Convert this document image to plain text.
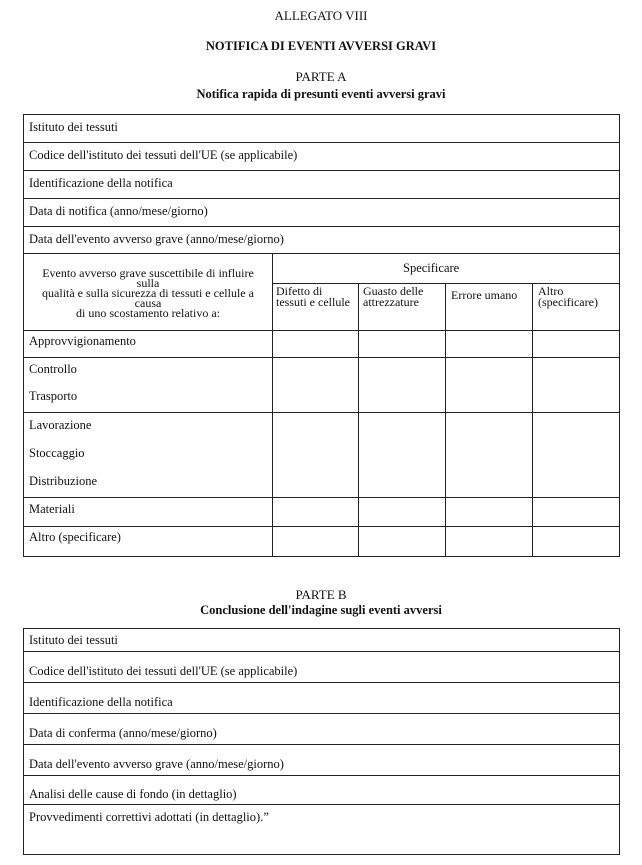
ALLEGATO VIII
NOTIFICA DI EVENTI AVVERSI GRAVI
PARTE A
Notifica rapida di presunti eventi avversi gravi
Istituto dei tessuti
Codice dell'istituto dei tessuti dell'UE (se applicabile)
Identificazione della notifica
Data di notifica (anno/mese/giorno)
Data dell'evento avverso grave (anno/mese/giorno)
Evento avverso grave suscettibile di influire
sulla
qualità e sulla sicurezza di tessuti e cellule a
causa
di uno scostamento relativo a:
Specificare
Difetto di
tessuti e cellule
Guasto delle
attrezzature	Errore umano Altro
(specificare)
Approvvigionamento
Controllo
Trasporto
Lavorazione
Stoccaggio
Distribuzione
Materiali
Altro (specificare)
PARTE B
Conclusione dell'indagine sugli eventi avversi
Istituto dei tessuti
Codice dell'istituto dei tessuti dell'UE (se applicabile)
Identificazione della notifica
Data di conferma (anno/mese/giorno)
Data dell'evento avverso grave (anno/mese/giorno)
Analisi delle cause di fondo (in dettaglio)
Provvedimenti correttivi adottati (in dettaglio).”
